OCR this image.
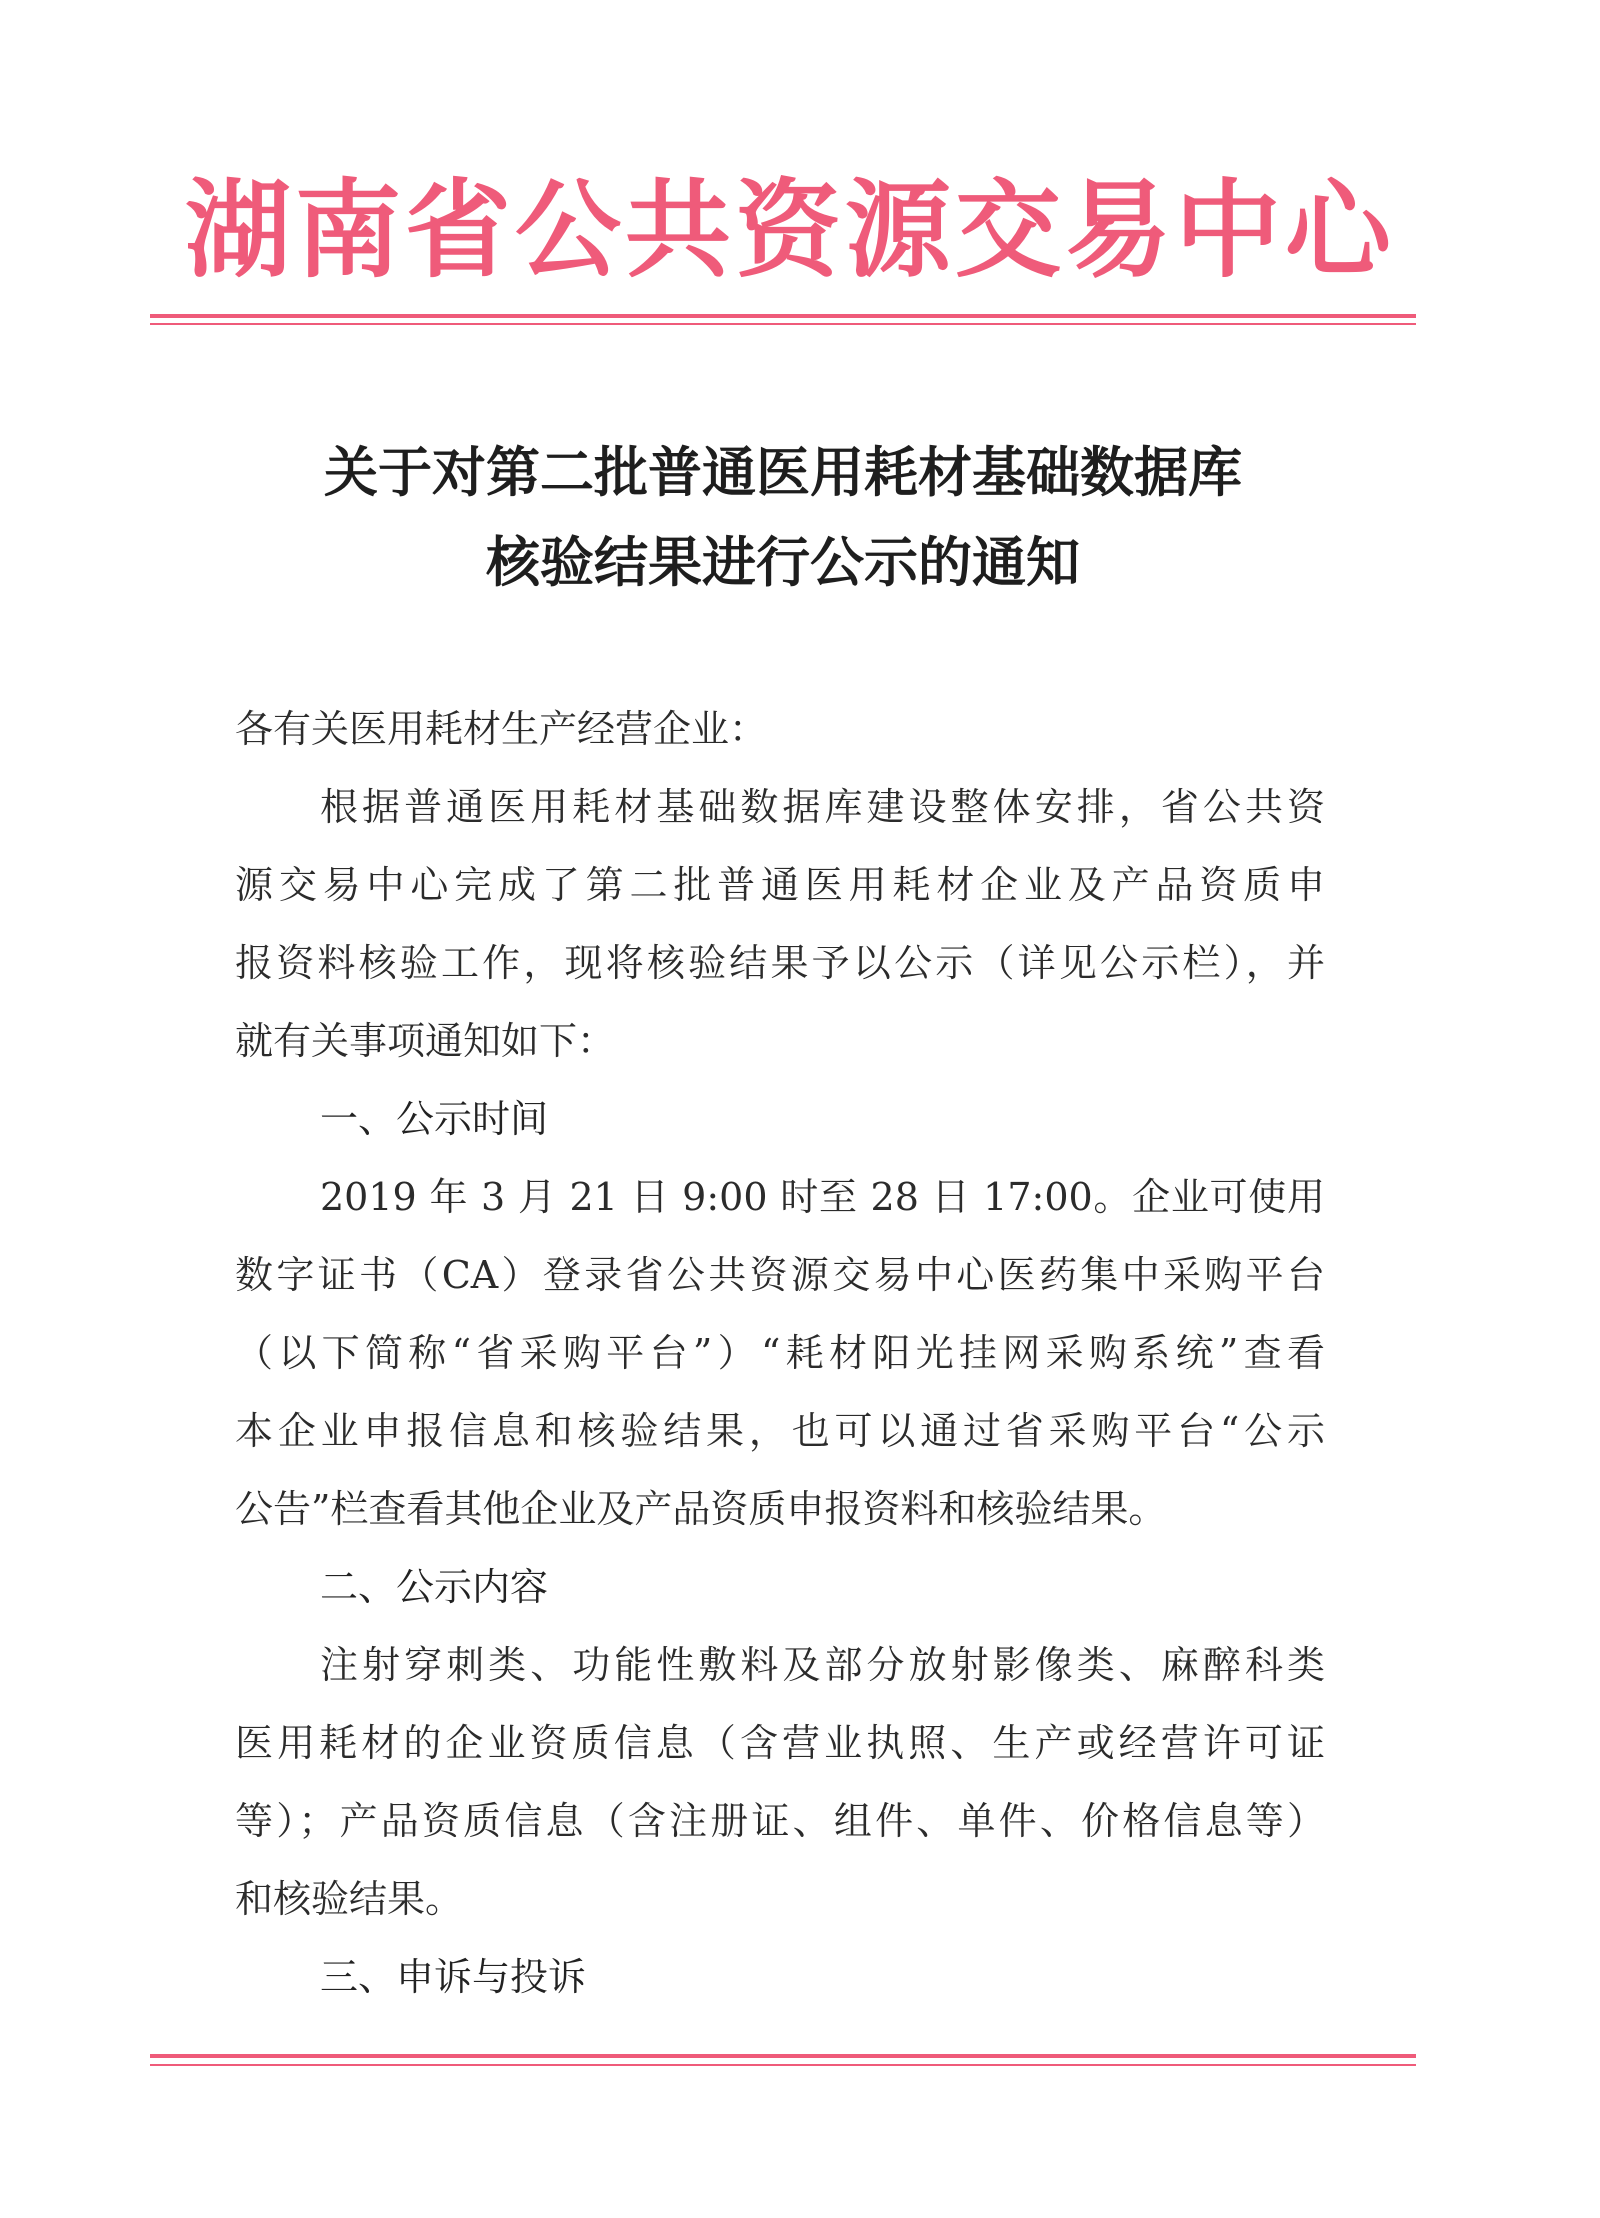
湖南省公共资源交易中心
关于对第二批普通医用耗材基础数据库
核验结果进行公示的通知
各有关医用耗材生产经营企业：
根据普通医用耗材基础数据库建设整体安排，省公共资
源交易中心完成了第二批普通医用耗材企业及产品资质申
报资料核验工作，现将核验结果予以公示（详见公示栏），并
就有关事项通知如下：
一、公示时间
2019 年 3 月 21 日 9:00 时至 28 日 17:00。企业可使用
数字证书（CA）登录省公共资源交易中心医药集中采购平台
（以下简称“省采购平台”）“耗材阳光挂网采购系统”查看
本企业申报信息和核验结果，也可以通过省采购平台“公示
公告”栏查看其他企业及产品资质申报资料和核验结果。
二、公示内容
注射穿刺类、功能性敷料及部分放射影像类、麻醉科类
医用耗材的企业资质信息（含营业执照、生产或经营许可证
等）；产品资质信息（含注册证、组件、单件、价格信息等）
和核验结果。
三、申诉与投诉
